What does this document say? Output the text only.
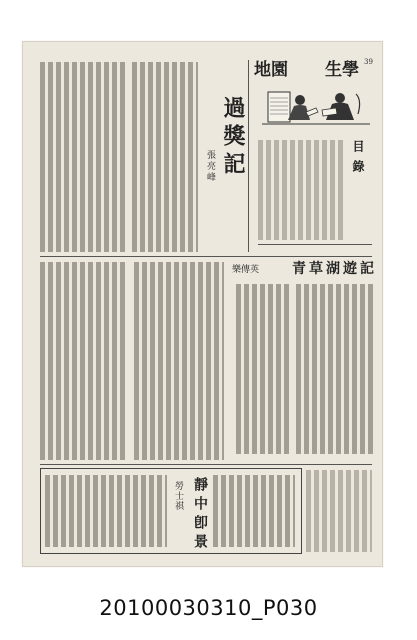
39
地園 生學
目錄
過獎記
張亮峰
青草湖遊記
樂傳英
靜中卽景
勞士祺
20100030310_P030
